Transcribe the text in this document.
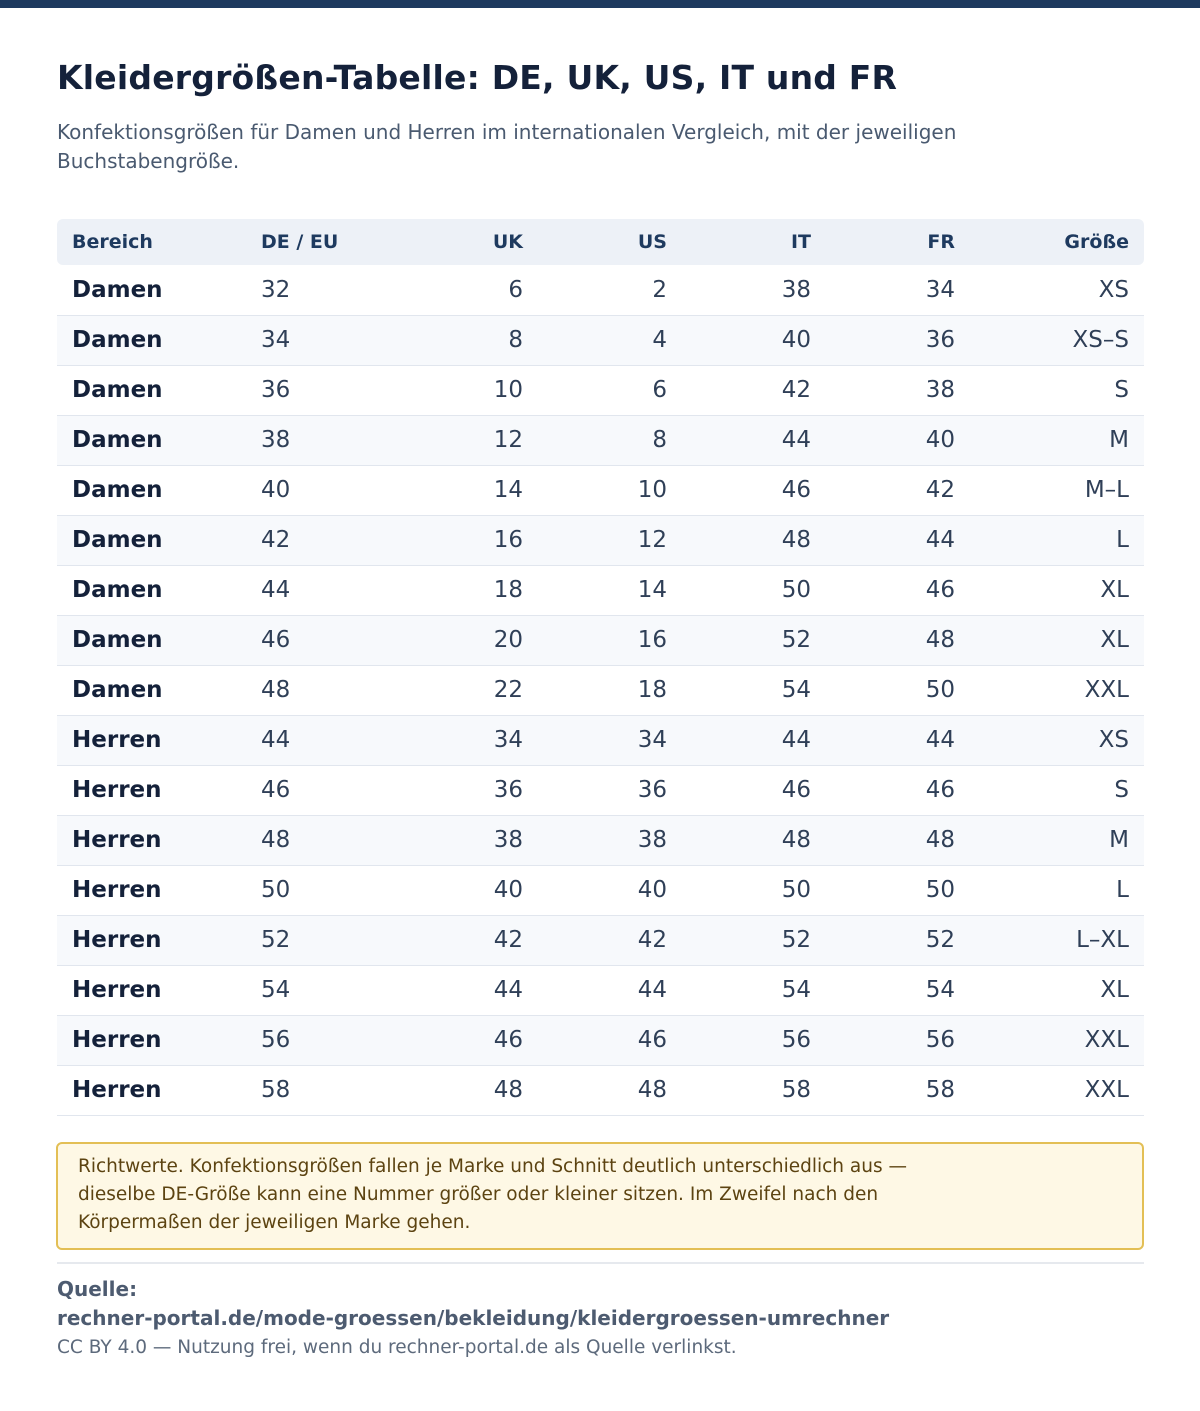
Kleidergrößen-Tabelle: DE, UK, US, IT und FR

Konfektionsgrößen für Damen und Herren im internationalen Vergleich, mit der jeweiligen Buchstabengröße.

Bereich	DE / EU	UK	US	IT	FR	Größe
Damen	32	6	2	38	34	XS
Damen	34	8	4	40	36	XS–S
Damen	36	10	6	42	38	S
Damen	38	12	8	44	40	M
Damen	40	14	10	46	42	M–L
Damen	42	16	12	48	44	L
Damen	44	18	14	50	46	XL
Damen	46	20	16	52	48	XL
Damen	48	22	18	54	50	XXL
Herren	44	34	34	44	44	XS
Herren	46	36	36	46	46	S
Herren	48	38	38	48	48	M
Herren	50	40	40	50	50	L
Herren	52	42	42	52	52	L–XL
Herren	54	44	44	54	54	XL
Herren	56	46	46	56	56	XXL
Herren	58	48	48	58	58	XXL

Richtwerte. Konfektionsgrößen fallen je Marke und Schnitt deutlich unterschiedlich aus — dieselbe DE-Größe kann eine Nummer größer oder kleiner sitzen. Im Zweifel nach den Körpermaßen der jeweiligen Marke gehen.

Quelle:
rechner-portal.de/mode-groessen/bekleidung/kleidergroessen-umrechner
CC BY 4.0 — Nutzung frei, wenn du rechner-portal.de als Quelle verlinkst.
